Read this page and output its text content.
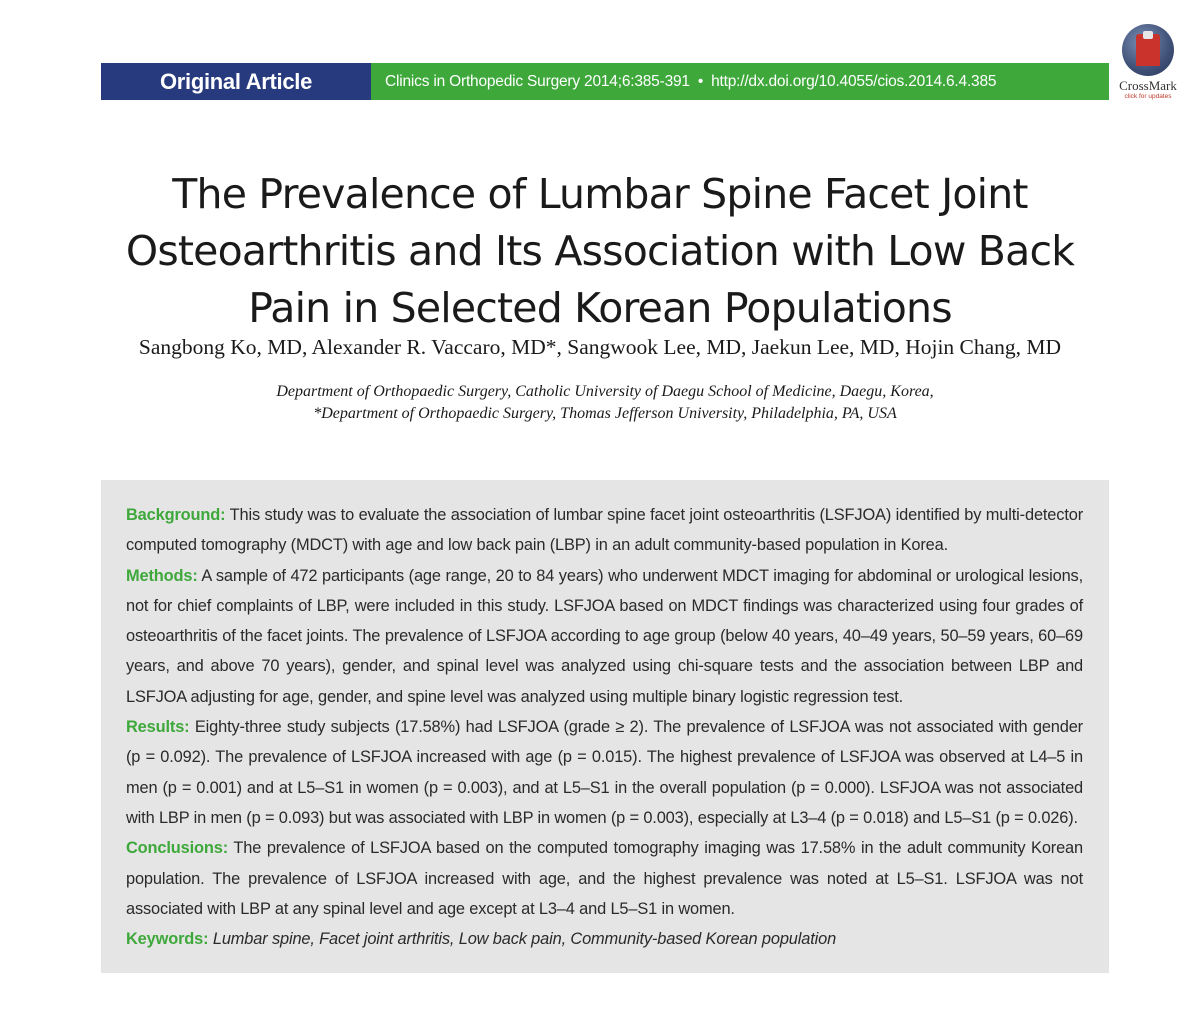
Original Article	Clinics in Orthopedic Surgery 2014;6:385-391 • http://dx.doi.org/10.4055/cios.2014.6.4.385	CrossMark
click for updates
The Prevalence of Lumbar Spine Facet Joint
Osteoarthritis and Its Association with Low Back
Pain in Selected Korean Populations
Sangbong Ko, MD, Alexander R. Vaccaro, MD*, Sangwook Lee, MD, Jaekun Lee, MD, Hojin Chang, MD
Department of Orthopaedic Surgery, Catholic University of Daegu School of Medicine, Daegu, Korea,
*Department of Orthopaedic Surgery, Thomas Jefferson University, Philadelphia, PA, USA

Background: This study was to evaluate the association of lumbar spine facet joint osteoarthritis (LSFJOA) identified by multi-detector computed tomography (MDCT) with age and low back pain (LBP) in an adult community-based population in Korea.

Methods: A sample of 472 participants (age range, 20 to 84 years) who underwent MDCT imaging for abdominal or urological lesions, not for chief complaints of LBP, were included in this study. LSFJOA based on MDCT findings was characterized using four grades of osteoarthritis of the facet joints. The prevalence of LSFJOA according to age group (below 40 years, 40–49 years, 50–59 years, 60–69 years, and above 70 years), gender, and spinal level was analyzed using chi-square tests and the association between LBP and LSFJOA adjusting for age, gender, and spine level was analyzed using multiple binary logistic regression test.

Results: Eighty-three study subjects (17.58%) had LSFJOA (grade ≥ 2). The prevalence of LSFJOA was not associated with gender (p = 0.092). The prevalence of LSFJOA increased with age (p = 0.015). The highest prevalence of LSFJOA was observed at L4–5 in men (p = 0.001) and at L5–S1 in women (p = 0.003), and at L5–S1 in the overall population (p = 0.000). LSFJOA was not associated with LBP in men (p = 0.093) but was associated with LBP in women (p = 0.003), especially at L3–4 (p = 0.018) and L5–S1 (p = 0.026).

Conclusions: The prevalence of LSFJOA based on the computed tomography imaging was 17.58% in the adult community Korean population. The prevalence of LSFJOA increased with age, and the highest prevalence was noted at L5–S1. LSFJOA was not associated with LBP at any spinal level and age except at L3–4 and L5–S1 in women.

Keywords: Lumbar spine, Facet joint arthritis, Low back pain, Community-based Korean population
